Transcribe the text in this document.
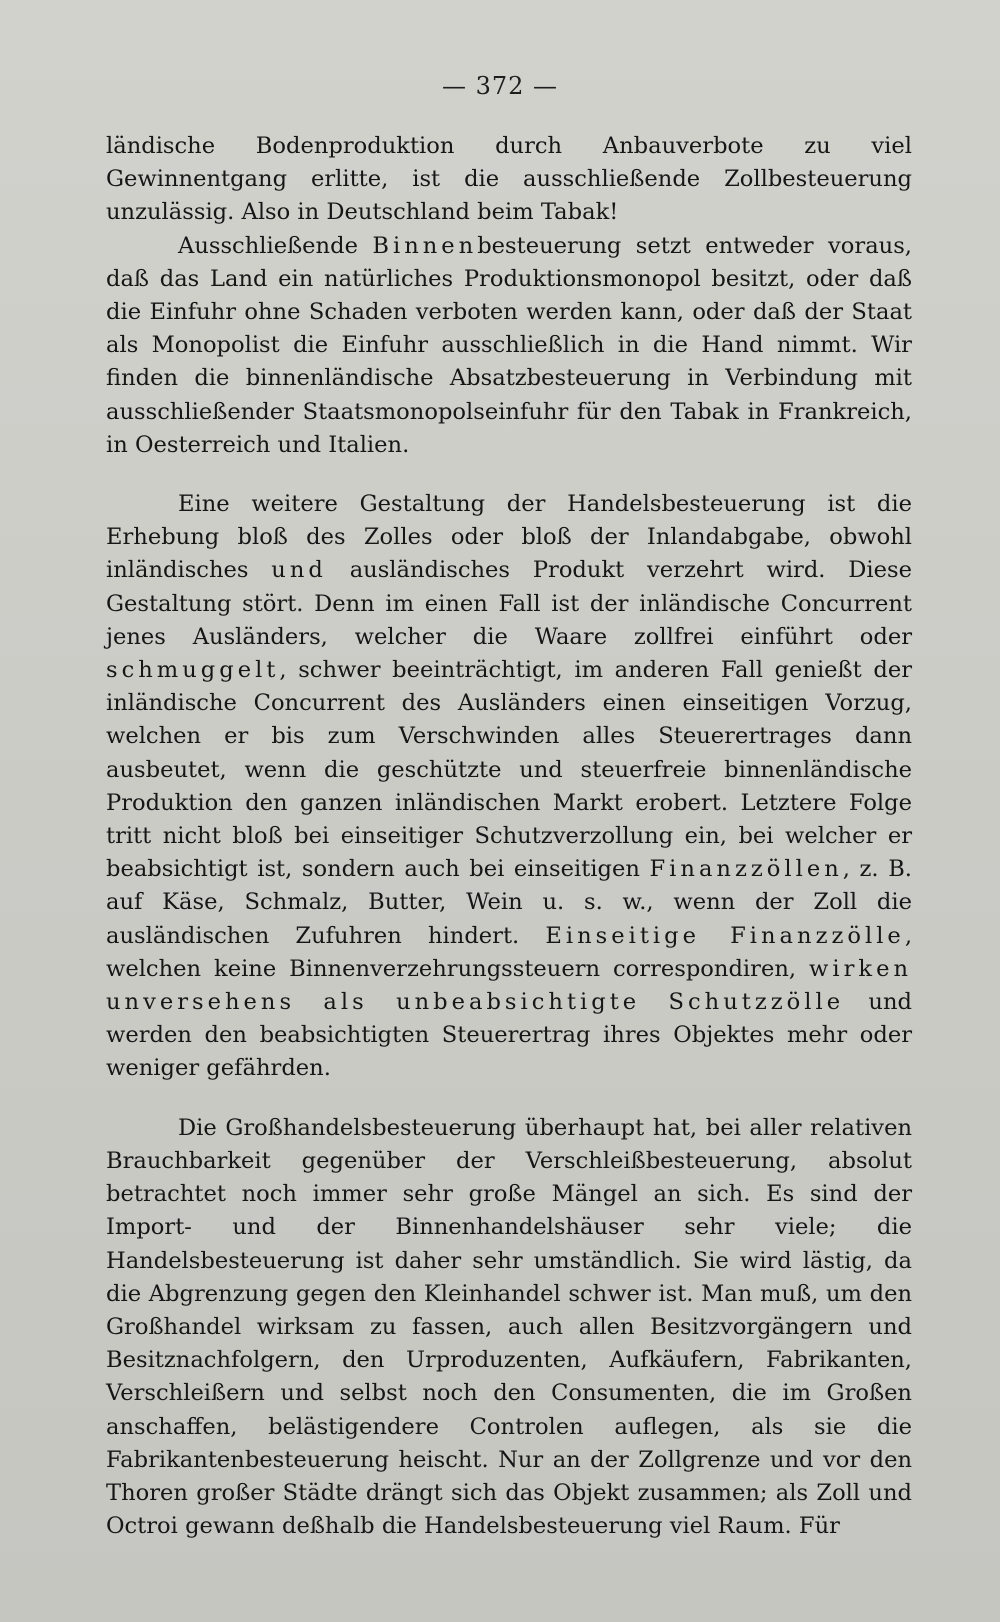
— 372 —

ländische Bodenproduktion durch Anbauverbote zu viel Gewinnentgang erlitte, ist die ausschließende Zollbesteuerung unzulässig. Also in Deutschland beim Tabak!

Ausschließende Binnenbesteuerung setzt entweder voraus, daß das Land ein natürliches Produktionsmonopol besitzt, oder daß die Einfuhr ohne Schaden verboten werden kann, oder daß der Staat als Monopolist die Einfuhr ausschließlich in die Hand nimmt. Wir finden die binnenländische Absatzbesteuerung in Verbindung mit ausschließender Staatsmonopolseinfuhr für den Tabak in Frankreich, in Oesterreich und Italien.

Eine weitere Gestaltung der Handelsbesteuerung ist die Erhebung bloß des Zolles oder bloß der Inlandabgabe, obwohl inländisches und ausländisches Produkt verzehrt wird. Diese Gestaltung stört. Denn im einen Fall ist der inländische Concurrent jenes Ausländers, welcher die Waare zollfrei einführt oder schmuggelt, schwer beeinträchtigt, im anderen Fall genießt der inländische Concurrent des Ausländers einen einseitigen Vorzug, welchen er bis zum Verschwinden alles Steuerertrages dann ausbeutet, wenn die geschützte und steuerfreie binnenländische Produktion den ganzen inländischen Markt erobert. Letztere Folge tritt nicht bloß bei einseitiger Schutzverzollung ein, bei welcher er beabsichtigt ist, sondern auch bei einseitigen Finanzzöllen, z. B. auf Käse, Schmalz, Butter, Wein u. s. w., wenn der Zoll die ausländischen Zufuhren hindert. Einseitige Finanzzölle, welchen keine Binnenverzehrungssteuern correspondiren, wirken unversehens als unbeabsichtigte Schutzzölle und werden den beabsichtigten Steuerertrag ihres Objektes mehr oder weniger gefährden.

Die Großhandelsbesteuerung überhaupt hat, bei aller relativen Brauchbarkeit gegenüber der Verschleißbesteuerung, absolut betrachtet noch immer sehr große Mängel an sich. Es sind der Import- und der Binnenhandelshäuser sehr viele; die Handelsbesteuerung ist daher sehr umständlich. Sie wird lästig, da die Abgrenzung gegen den Kleinhandel schwer ist. Man muß, um den Großhandel wirksam zu fassen, auch allen Besitzvorgängern und Besitznachfolgern, den Urproduzenten, Aufkäufern, Fabrikanten, Verschleißern und selbst noch den Consumenten, die im Großen anschaffen, belästigendere Controlen auflegen, als sie die Fabrikantenbesteuerung heischt. Nur an der Zollgrenze und vor den Thoren großer Städte drängt sich das Objekt zusammen; als Zoll und Octroi gewann deßhalb die Handelsbesteuerung viel Raum. Für
